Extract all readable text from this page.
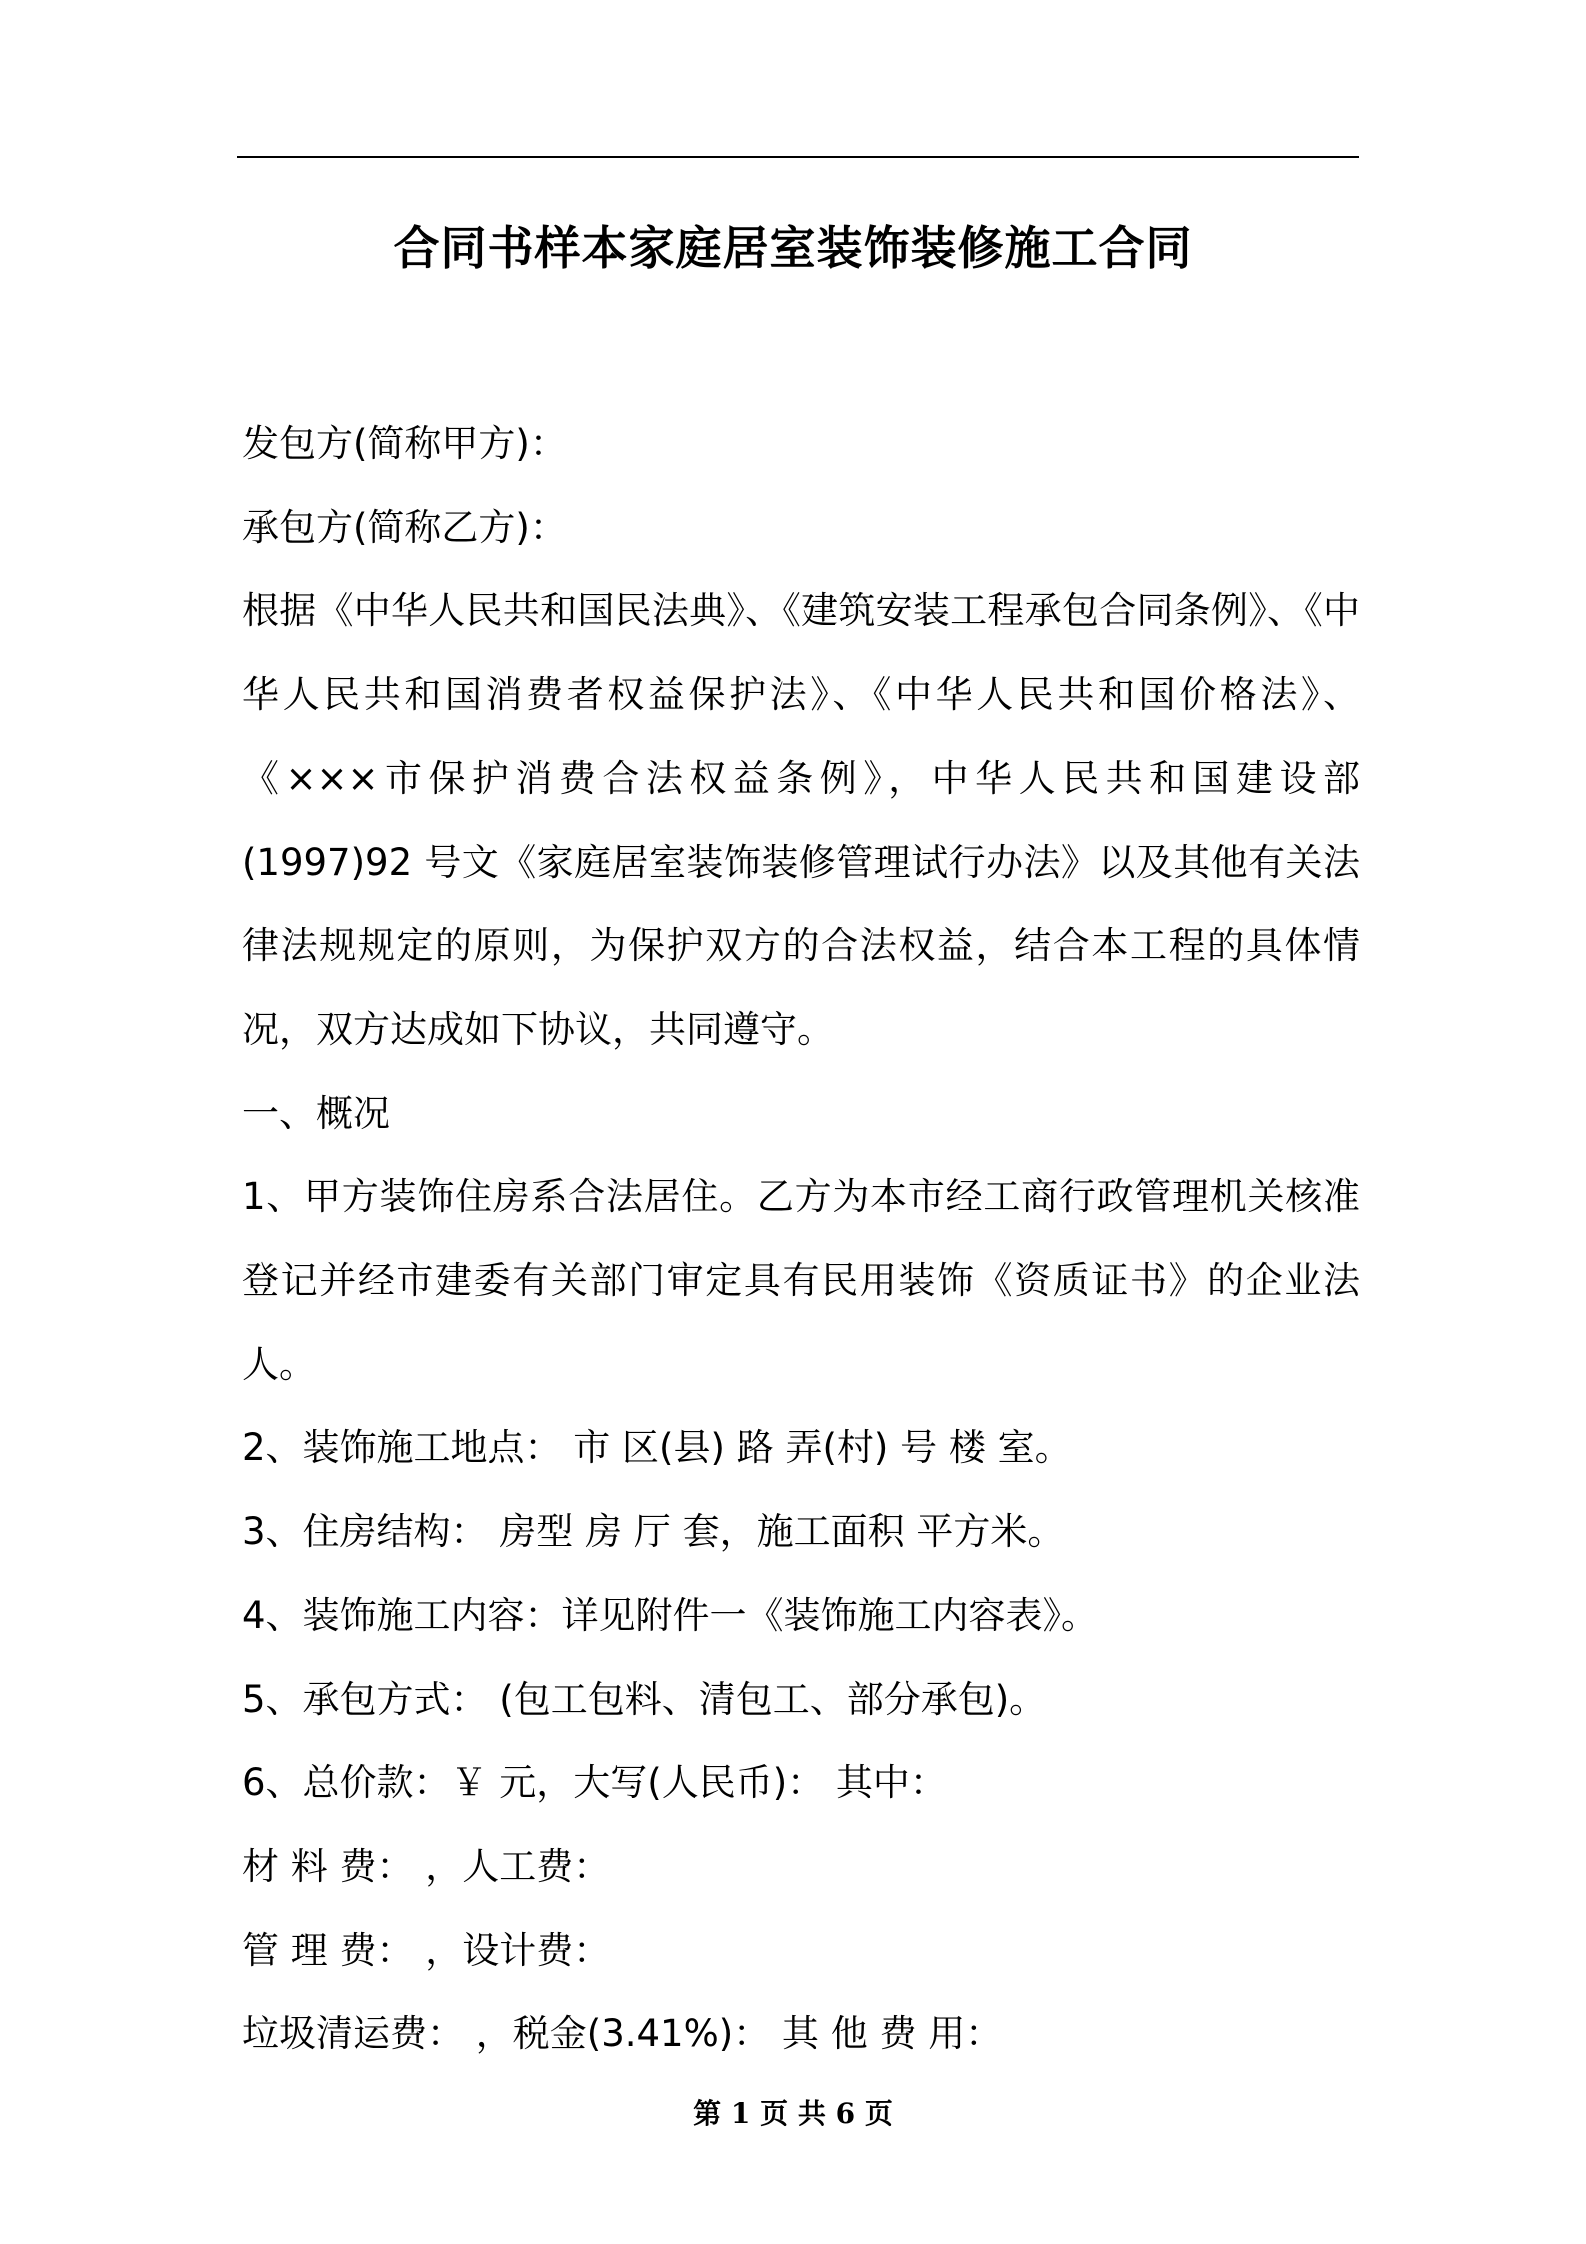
合同书样本家庭居室装饰装修施工合同

发包方(简称甲方)：

承包方(简称乙方)：

根据《中华人民共和国民法典》、《建筑安装工程承包合同条例》、《中华人民共和国消费者权益保护法》、《中华人民共和国价格法》、《×××市保护消费合法权益条例》，中华人民共和国建设部(1997)92 号文《家庭居室装饰装修管理试行办法》以及其他有关法律法规规定的原则，为保护双方的合法权益，结合本工程的具体情况，双方达成如下协议，共同遵守。

一、概况

1、甲方装饰住房系合法居住。乙方为本市经工商行政管理机关核准登记并经市建委有关部门审定具有民用装饰《资质证书》的企业法人。

2、装饰施工地点： 市 区(县) 路 弄(村) 号 楼 室。

3、住房结构： 房型 房 厅 套，施工面积 平方米。

4、装饰施工内容：详见附件一《装饰施工内容表》。

5、承包方式： (包工包料、清包工、部分承包)。

6、总价款：￥ 元，大写(人民币)： 其中：

材 料 费： ，人工费：

管 理 费： ，设计费：

垃圾清运费： ，税金(3.41%)： 其 他 费 用：

第 1 页 共 6 页
